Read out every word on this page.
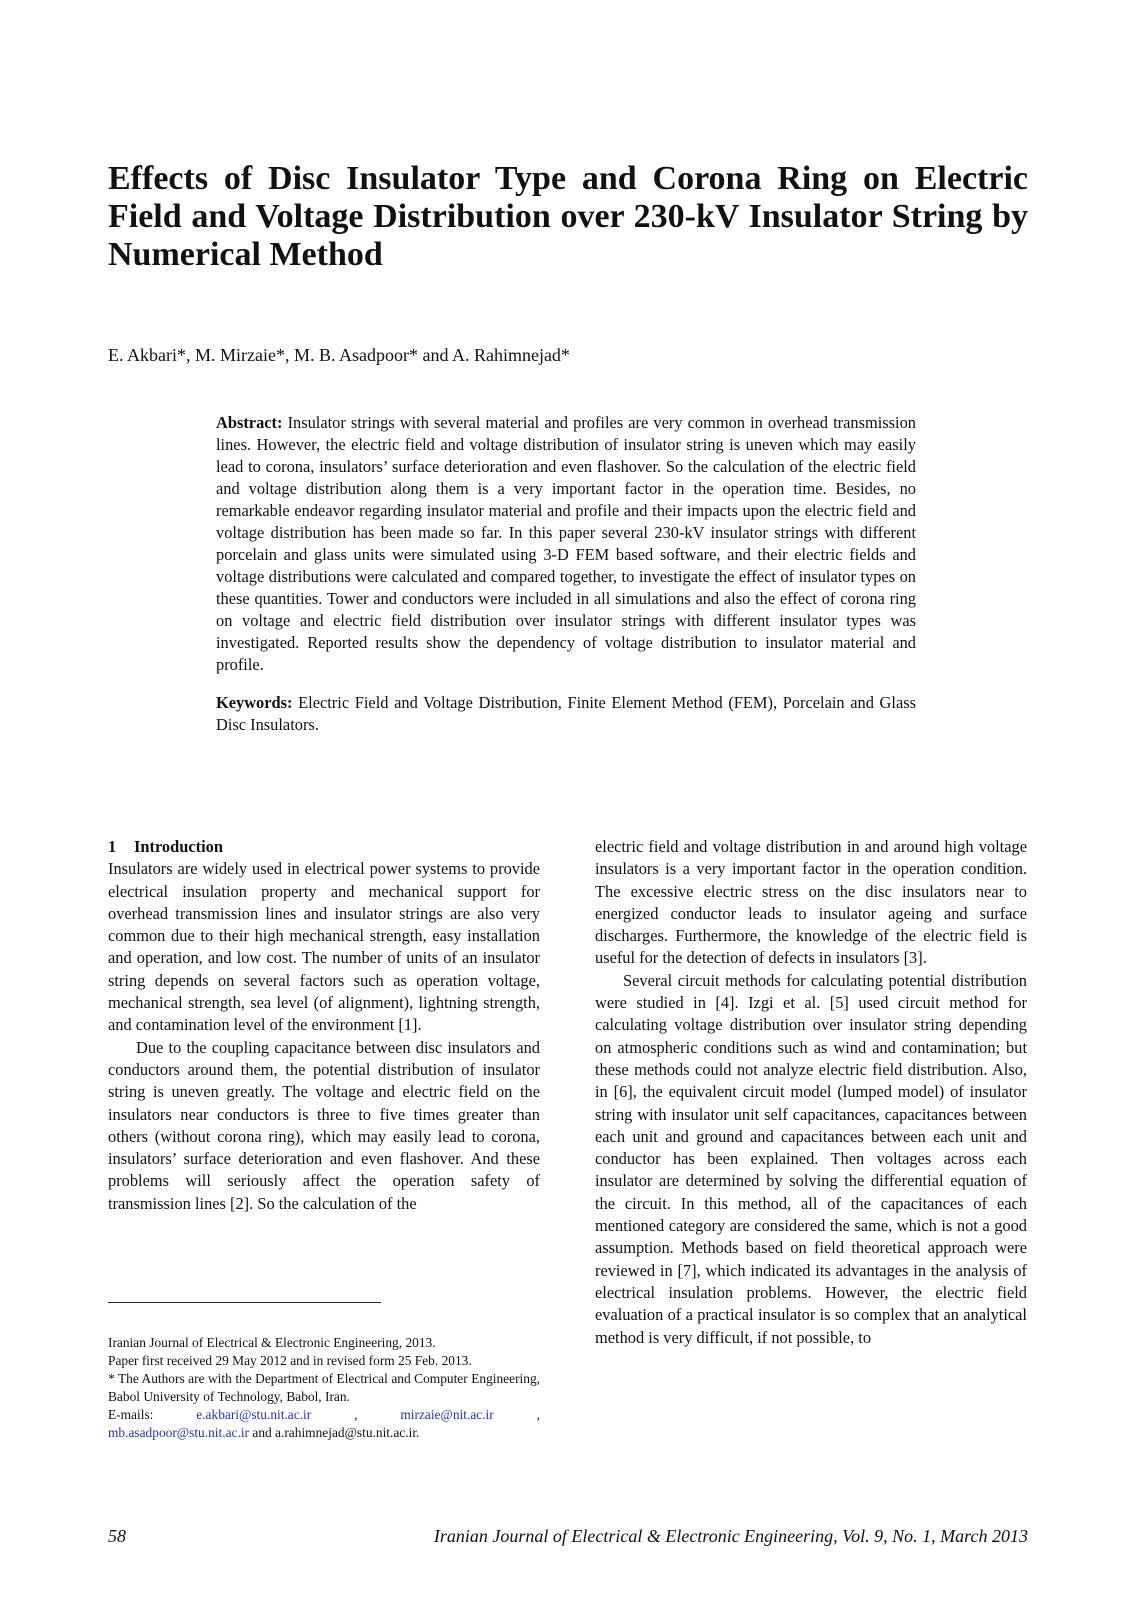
Effects of Disc Insulator Type and Corona Ring on Electric Field and Voltage Distribution over 230-kV Insulator String by Numerical Method
E. Akbari*, M. Mirzaie*, M. B. Asadpoor* and A. Rahimnejad*

Abstract: Insulator strings with several material and profiles are very common in overhead transmission lines. However, the electric field and voltage distribution of insulator string is uneven which may easily lead to corona, insulators’ surface deterioration and even flashover. So the calculation of the electric field and voltage distribution along them is a very important factor in the operation time. Besides, no remarkable endeavor regarding insulator material and profile and their impacts upon the electric field and voltage distribution has been made so far. In this paper several 230-kV insulator strings with different porcelain and glass units were simulated using 3-D FEM based software, and their electric fields and voltage distributions were calculated and compared together, to investigate the effect of insulator types on these quantities. Tower and conductors were included in all simulations and also the effect of corona ring on voltage and electric field distribution over insulator strings with different insulator types was investigated. Reported results show the dependency of voltage distribution to insulator material and profile.

Keywords: Electric Field and Voltage Distribution, Finite Element Method (FEM), Porcelain and Glass Disc Insulators.

1 Introduction

Insulators are widely used in electrical power systems to provide electrical insulation property and mechanical support for overhead transmission lines and insulator strings are also very common due to their high mechanical strength, easy installation and operation, and low cost. The number of units of an insulator string depends on several factors such as operation voltage, mechanical strength, sea level (of alignment), lightning strength, and contamination level of the environment [1].

Due to the coupling capacitance between disc insulators and conductors around them, the potential distribution of insulator string is uneven greatly. The voltage and electric field on the insulators near conductors is three to five times greater than others (without corona ring), which may easily lead to corona, insulators’ surface deterioration and even flashover. And these problems will seriously affect the operation safety of transmission lines [2]. So the calculation of the

electric field and voltage distribution in and around high voltage insulators is a very important factor in the operation condition. The excessive electric stress on the disc insulators near to energized conductor leads to insulator ageing and surface discharges. Furthermore, the knowledge of the electric field is useful for the detection of defects in insulators [3].

Several circuit methods for calculating potential distribution were studied in [4]. Izgi et al. [5] used circuit method for calculating voltage distribution over insulator string depending on atmospheric conditions such as wind and contamination; but these methods could not analyze electric field distribution. Also, in [6], the equivalent circuit model (lumped model) of insulator string with insulator unit self capacitances, capacitances between each unit and ground and capacitances between each unit and conductor has been explained. Then voltages across each insulator are determined by solving the differential equation of the circuit. In this method, all of the capacitances of each mentioned category are considered the same, which is not a good assumption. Methods based on field theoretical approach were reviewed in [7], which indicated its advantages in the analysis of electrical insulation problems. However, the electric field evaluation of a practical insulator is so complex that an analytical method is very difficult, if not possible, to

Iranian Journal of Electrical & Electronic Engineering, 2013.

Paper first received 29 May 2012 and in revised form 25 Feb. 2013.

* The Authors are with the Department of Electrical and Computer Engineering, Babol University of Technology, Babol, Iran.

E-mails:	e.akbari@stu.nit.ac.ir	,	mirzaie@nit.ac.ir	,

mb.asadpoor@stu.nit.ac.ir and a.rahimnejad@stu.nit.ac.ir.

58	Iranian Journal of Electrical & Electronic Engineering, Vol. 9, No. 1, March 2013
